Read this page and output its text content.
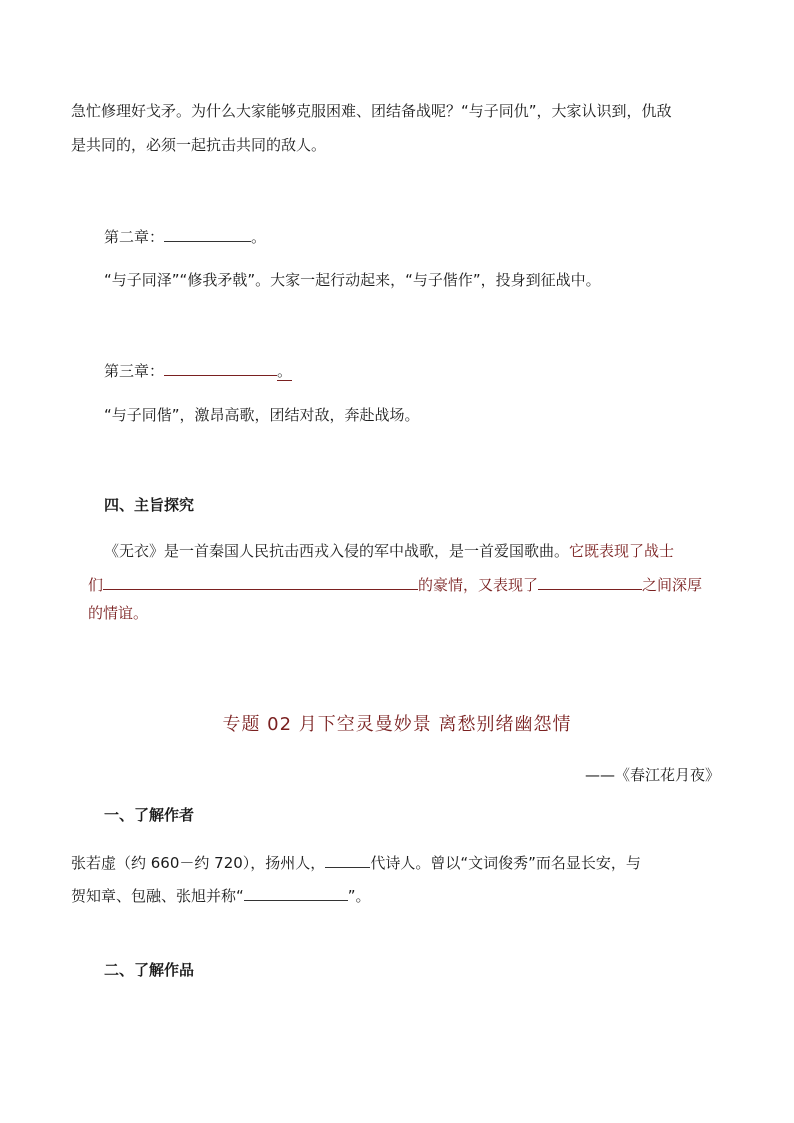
急忙修理好戈矛。为什么大家能够克服困难、团结备战呢？“与子同仇”，大家认识到，仇敌
是共同的，必须一起抗击共同的敌人。
第二章：	。
“与子同泽”“修我矛戟”。大家一起行动起来，“与子偕作”，投身到征战中。
第三章：	。
“与子同偕”，激昂高歌，团结对敌，奔赴战场。
四、主旨探究
《无衣》是一首秦国人民抗击西戎入侵的军中战歌，是一首爱国歌曲。它既表现了战士
们	的豪情，又表现了	之间深厚
的情谊。
专题 02 月下空灵曼妙景 离愁别绪幽怨情
——《春江花月夜》
一、了解作者
张若虚（约 660－约 720），扬州人，	代诗人。曾以“文词俊秀”而名显长安，与
贺知章、包融、张旭并称“	”。
二、了解作品
